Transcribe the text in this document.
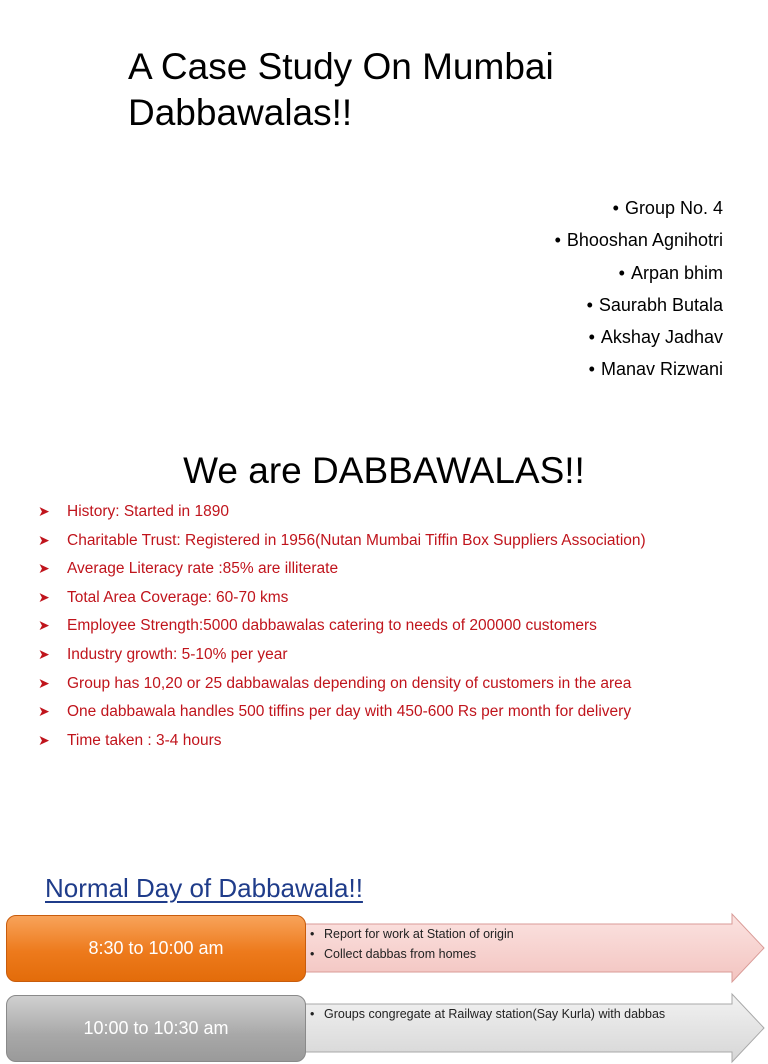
A Case Study On Mumbai Dabbawalas!!
• Group No. 4
• Bhooshan Agnihotri
• Arpan bhim
• Saurabh Butala
• Akshay Jadhav
• Manav Rizwani
We are DABBAWALAS!!
➤ History: Started in 1890
➤ Charitable Trust: Registered in 1956(Nutan Mumbai Tiffin Box Suppliers Association)
➤ Average Literacy rate :85% are illiterate
➤ Total Area Coverage: 60-70 kms
➤ Employee Strength:5000 dabbawalas catering to needs of 200000 customers
➤ Industry growth: 5-10% per year
➤ Group has 10,20 or 25 dabbawalas depending on density of customers in the area
➤ One dabbawala handles 500 tiffins per day with 450-600 Rs per month for delivery
➤ Time taken : 3-4 hours
Normal Day of Dabbawala!!
8:30 to 10:00 am
• Report for work at Station of origin
• Collect dabbas from homes
10:00 to 10:30 am
• Groups congregate at Railway station(Say Kurla) with dabbas
